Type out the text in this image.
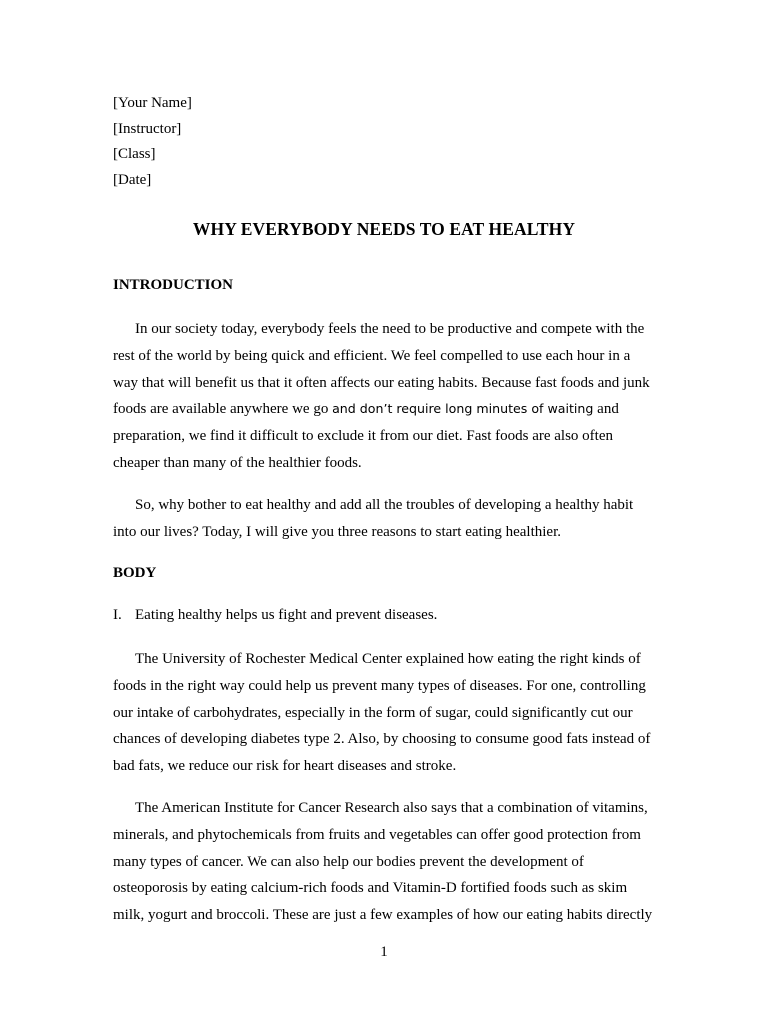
[Your Name]
[Instructor]
[Class]
[Date]
WHY EVERYBODY NEEDS TO EAT HEALTHY
INTRODUCTION
In our society today, everybody feels the need to be productive and compete with the
rest of the world by being quick and efficient. We feel compelled to use each hour in a
way that will benefit us that it often affects our eating habits. Because fast foods and junk
foods are available anywhere we go and don’t require long minutes of waiting and
preparation, we find it difficult to exclude it from our diet. Fast foods are also often
cheaper than many of the healthier foods.
So, why bother to eat healthy and add all the troubles of developing a healthy habit
into our lives? Today, I will give you three reasons to start eating healthier.
BODY
I. Eating healthy helps us fight and prevent diseases.
The University of Rochester Medical Center explained how eating the right kinds of
foods in the right way could help us prevent many types of diseases. For one, controlling
our intake of carbohydrates, especially in the form of sugar, could significantly cut our
chances of developing diabetes type 2. Also, by choosing to consume good fats instead of
bad fats, we reduce our risk for heart diseases and stroke.
The American Institute for Cancer Research also says that a combination of vitamins,
minerals, and phytochemicals from fruits and vegetables can offer good protection from
many types of cancer. We can also help our bodies prevent the development of
osteoporosis by eating calcium-rich foods and Vitamin-D fortified foods such as skim
milk, yogurt and broccoli. These are just a few examples of how our eating habits directly
1
